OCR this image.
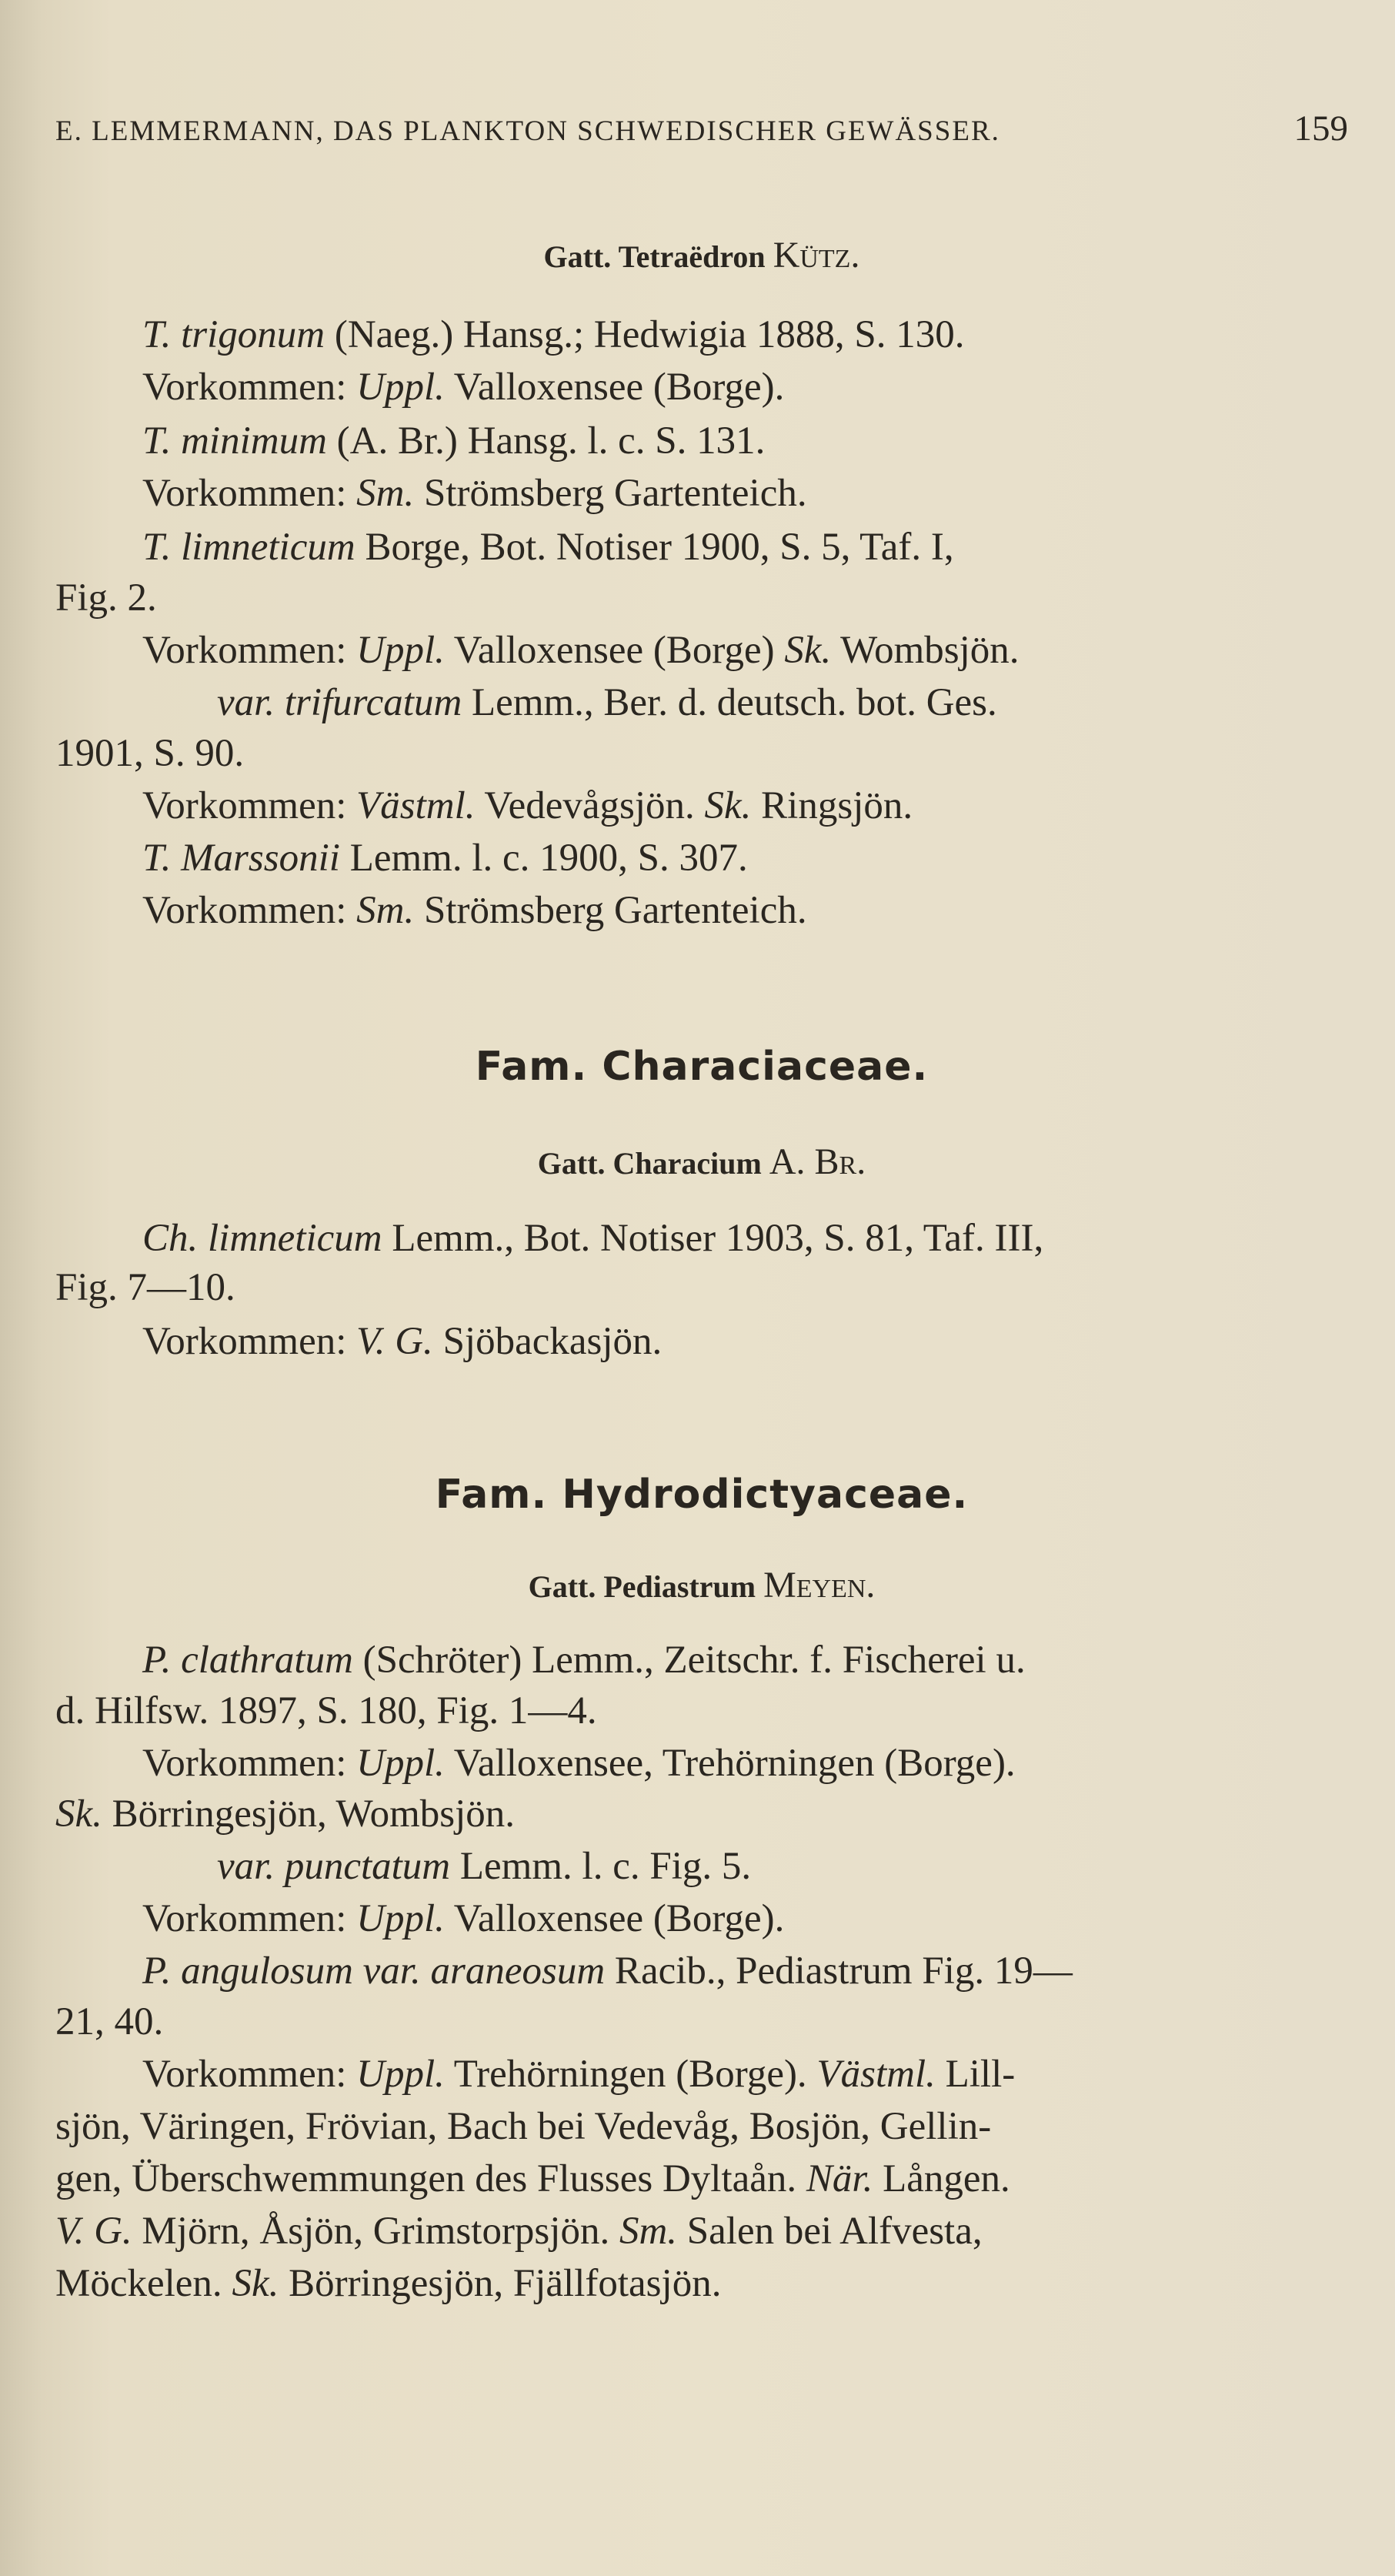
E. LEMMERMANN, DAS PLANKTON SCHWEDISCHER GEWÄSSER.	159
Gatt. Tetraëdron Kütz.
T. trigonum (Naeg.) Hansg.; Hedwigia 1888, S. 130.
Vorkommen: Uppl. Valloxensee (Borge).
T. minimum (A. Br.) Hansg. l. c. S. 131.
Vorkommen: Sm. Strömsberg Gartenteich.
T. limneticum Borge, Bot. Notiser 1900, S. 5, Taf. I,
Fig. 2.
Vorkommen: Uppl. Valloxensee (Borge) Sk. Wombsjön.
var. trifurcatum Lemm., Ber. d. deutsch. bot. Ges.
1901, S. 90.
Vorkommen: Västml. Vedevågsjön. Sk. Ringsjön.
T. Marssonii Lemm. l. c. 1900, S. 307.
Vorkommen: Sm. Strömsberg Gartenteich.
Fam. Characiaceae.
Gatt. Characium A. Br.
Ch. limneticum Lemm., Bot. Notiser 1903, S. 81, Taf. III,
Fig. 7—10.
Vorkommen: V. G. Sjöbackasjön.
Fam. Hydrodictyaceae.
Gatt. Pediastrum Meyen.
P. clathratum (Schröter) Lemm., Zeitschr. f. Fischerei u.
d. Hilfsw. 1897, S. 180, Fig. 1—4.
Vorkommen: Uppl. Valloxensee, Trehörningen (Borge).
Sk. Börringesjön, Wombsjön.
var. punctatum Lemm. l. c. Fig. 5.
Vorkommen: Uppl. Valloxensee (Borge).
P. angulosum var. araneosum Racib., Pediastrum Fig. 19—
21, 40.
Vorkommen: Uppl. Trehörningen (Borge). Västml. Lill-
sjön, Väringen, Frövian, Bach bei Vedevåg, Bosjön, Gellin-
gen, Überschwemmungen des Flusses Dyltaån. När. Lången.
V. G. Mjörn, Åsjön, Grimstorpsjön. Sm. Salen bei Alfvesta,
Möckelen. Sk. Börringesjön, Fjällfotasjön.
